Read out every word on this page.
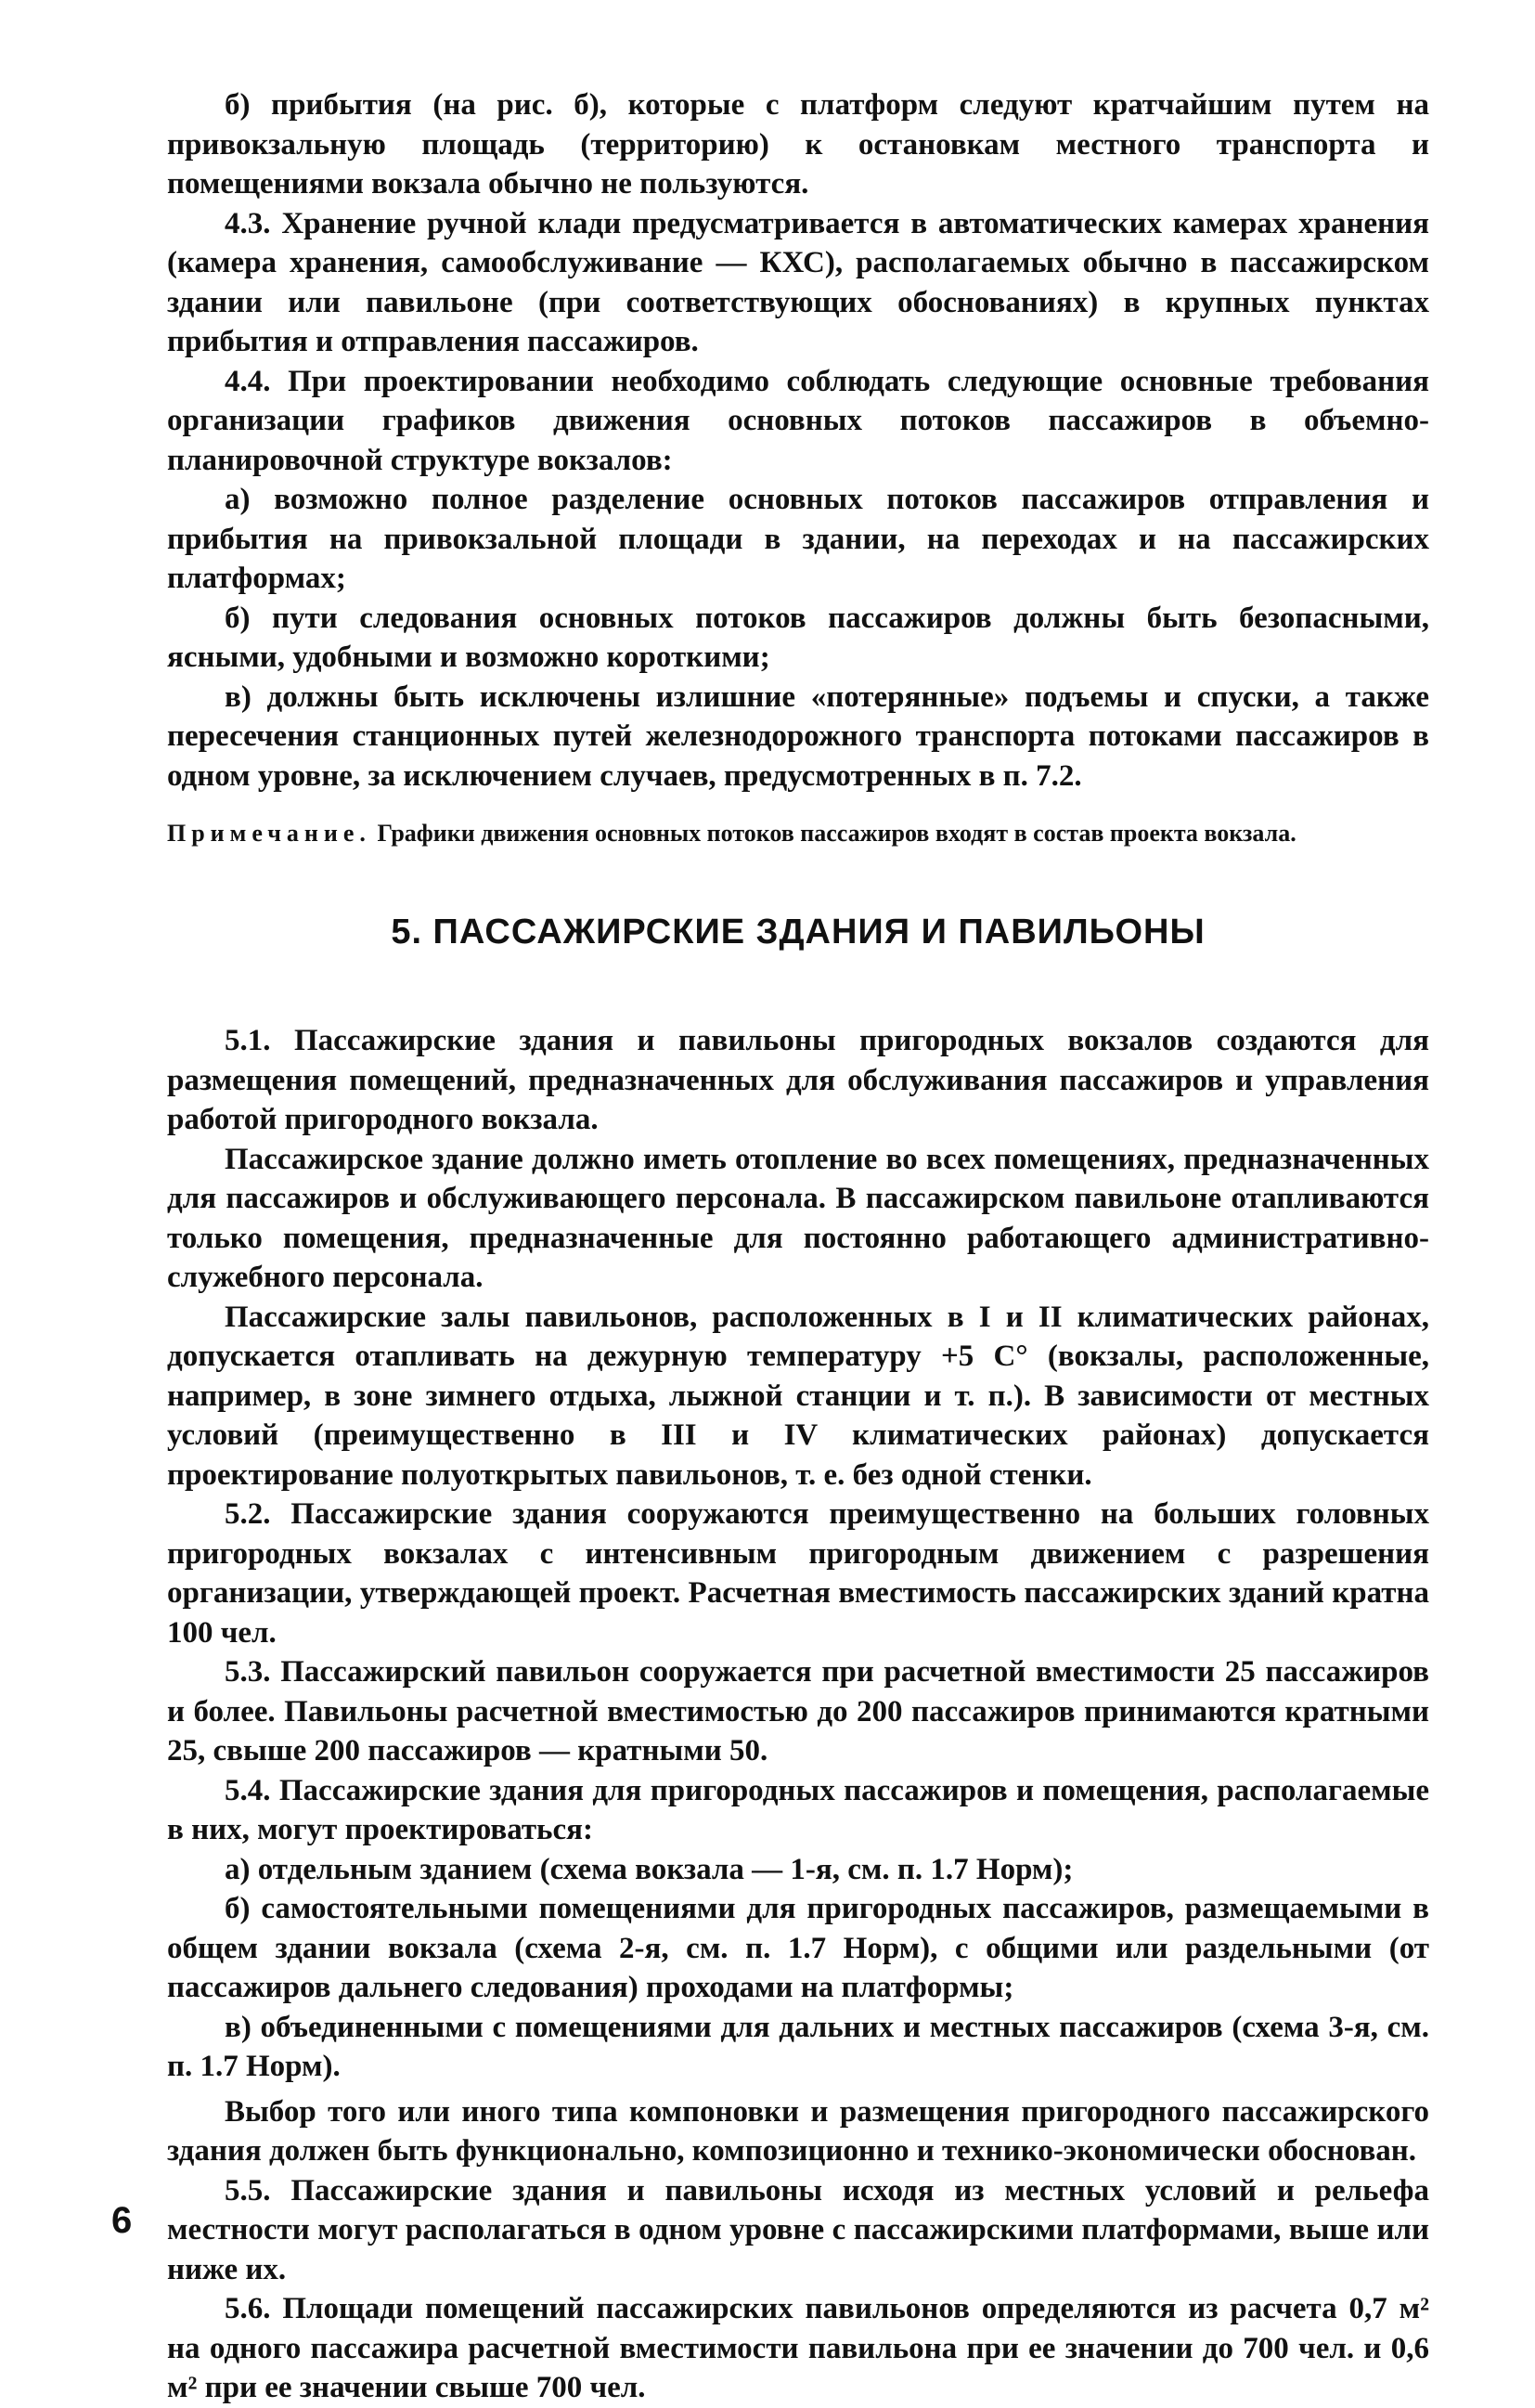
б) прибытия (на рис. б), которые с платформ следуют кратчайшим путем на привокзальную площадь (территорию) к остановкам местного транспорта и помещениями вокзала обычно не пользуются.

4.3. Хранение ручной клади предусматривается в автоматических камерах хранения (камера хранения, самообслуживание — КХС), располагаемых обычно в пассажирском здании или павильоне (при соответствующих обоснованиях) в крупных пунктах прибытия и отправления пассажиров.

4.4. При проектировании необходимо соблюдать следующие основные требования организации графиков движения основных потоков пассажиров в объемно-планировочной структуре вокзалов:

а) возможно полное разделение основных потоков пассажиров отправления и прибытия на привокзальной площади в здании, на переходах и на пассажирских платформах;

б) пути следования основных потоков пассажиров должны быть безопасными, ясными, удобными и возможно короткими;

в) должны быть исключены излишние «потерянные» подъемы и спуски, а также пересечения станционных путей железнодорожного транспорта потоками пассажиров в одном уровне, за исключением случаев, предусмотренных в п. 7.2.

Примечание. Графики движения основных потоков пассажиров входят в состав проекта вокзала.

5. ПАССАЖИРСКИЕ ЗДАНИЯ И ПАВИЛЬОНЫ

5.1. Пассажирские здания и павильоны пригородных вокзалов создаются для размещения помещений, предназначенных для обслуживания пассажиров и управления работой пригородного вокзала.

Пассажирское здание должно иметь отопление во всех помещениях, предназначенных для пассажиров и обслуживающего персонала. В пассажирском павильоне отапливаются только помещения, предназначенные для постоянно работающего административно-служебного персонала.

Пассажирские залы павильонов, расположенных в I и II климатических районах, допускается отапливать на дежурную температуру +5 С° (вокзалы, расположенные, например, в зоне зимнего отдыха, лыжной станции и т. п.). В зависимости от местных условий (преимущественно в III и IV климатических районах) допускается проектирование полуоткрытых павильонов, т. е. без одной стенки.

5.2. Пассажирские здания сооружаются преимущественно на больших головных пригородных вокзалах с интенсивным пригородным движением с разрешения организации, утверждающей проект. Расчетная вместимость пассажирских зданий кратна 100 чел.

5.3. Пассажирский павильон сооружается при расчетной вместимости 25 пассажиров и более. Павильоны расчетной вместимостью до 200 пассажиров принимаются кратными 25, свыше 200 пассажиров — кратными 50.

5.4. Пассажирские здания для пригородных пассажиров и помещения, располагаемые в них, могут проектироваться:

а) отдельным зданием (схема вокзала — 1-я, см. п. 1.7 Норм);

б) самостоятельными помещениями для пригородных пассажиров, размещаемыми в общем здании вокзала (схема 2-я, см. п. 1.7 Норм), с общими или раздельными (от пассажиров дальнего следования) проходами на платформы;

в) объединенными с помещениями для дальних и местных пассажиров (схема 3-я, см. п. 1.7 Норм).

Выбор того или иного типа компоновки и размещения пригородного пассажирского здания должен быть функционально, композиционно и технико-экономически обоснован.

5.5. Пассажирские здания и павильоны исходя из местных условий и рельефа местности могут располагаться в одном уровне с пассажирскими платформами, выше или ниже их.

5.6. Площади помещений пассажирских павильонов определяются из расчета 0,7 м² на одного пассажира расчетной вместимости павильона при ее значении до 700 чел. и 0,6 м² при ее значении свыше 700 чел.

6
